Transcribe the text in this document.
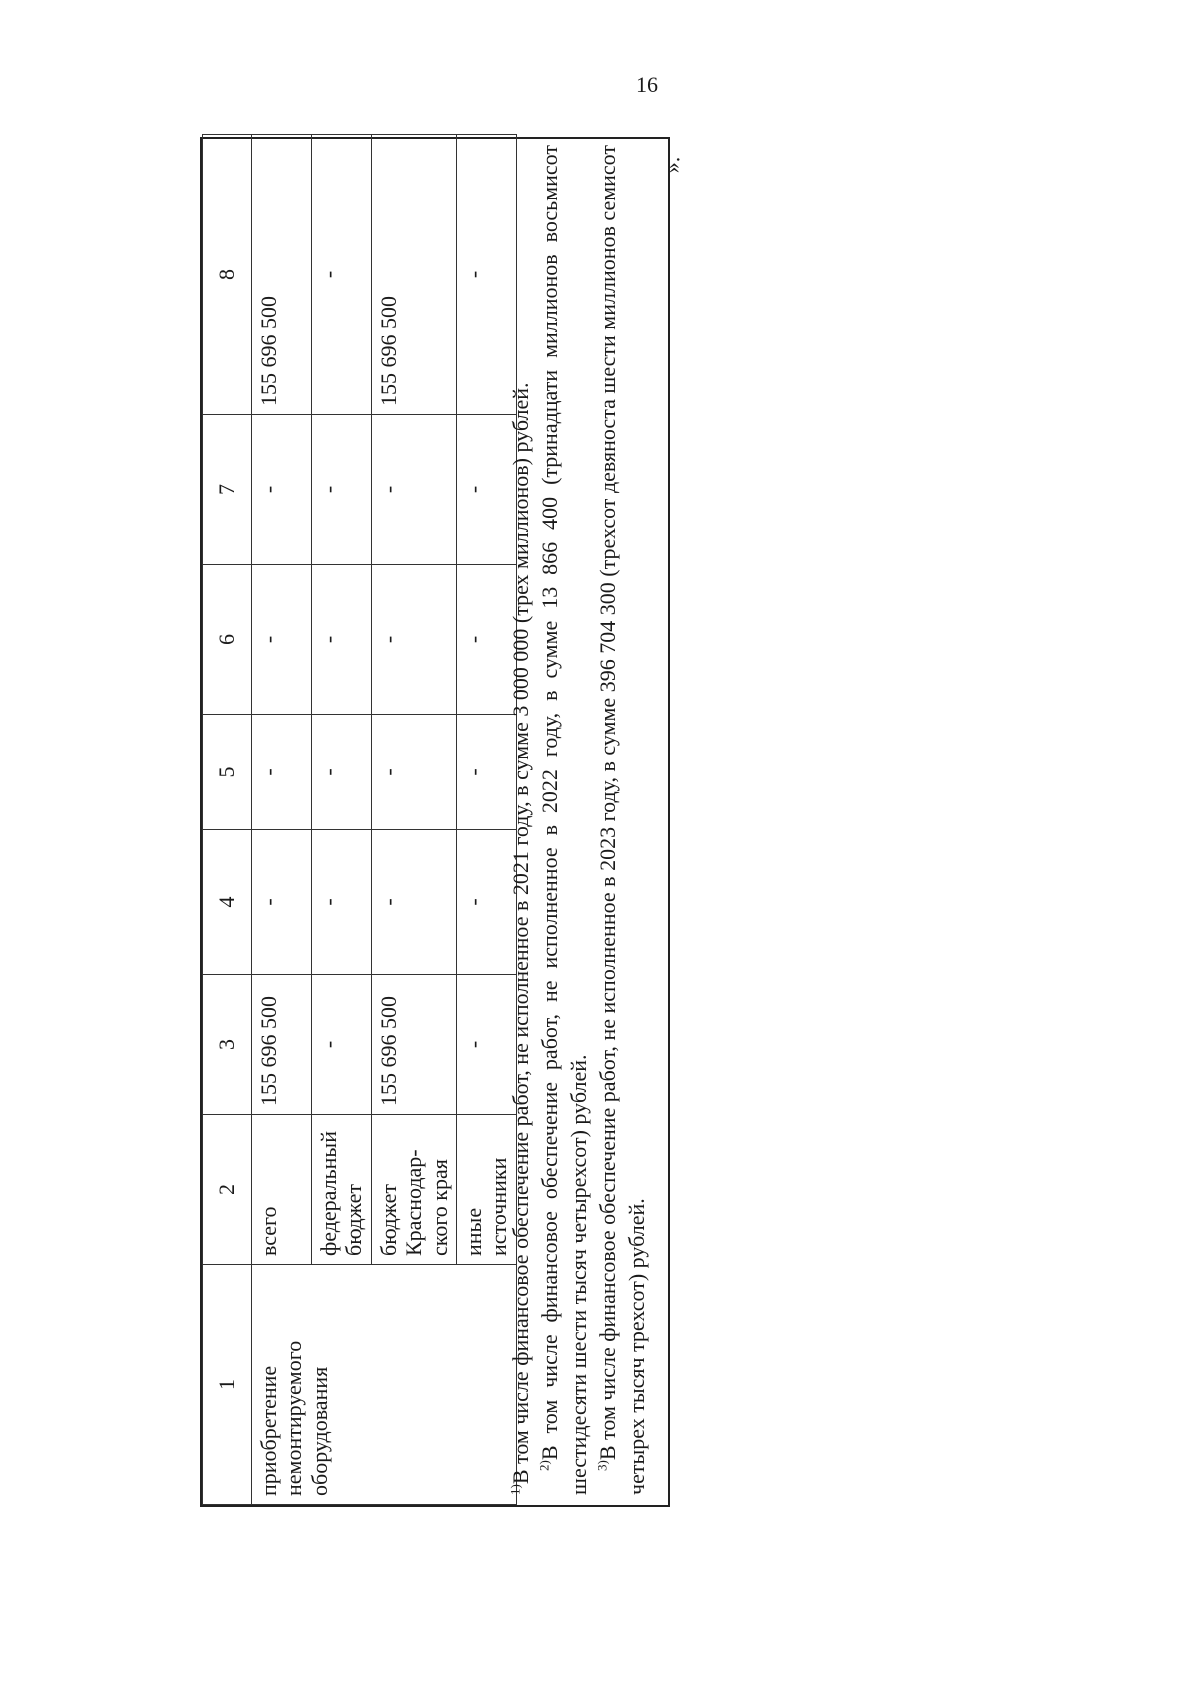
16
1	2	3	4	5	6	7	8
приобретение немонтируемого оборудования	всего	155 696 500	-	-	-	-	155 696 500
	федеральный бюджет	-	-	-	-	-	-
	бюджет Краснодар-ского края	155 696 500	-	-	-	-	155 696 500
	иные источники	-	-	-	-	-	-

$^{1)}$В том числе финансовое обеспечение работ, не исполненное в 2021 году, в сумме 3 000 000 (трех миллионов) рублей. $^{2)}$В том числе финансовое обеспечение работ, не исполненное в 2022 году, в сумме 13 866 400 (тринадцати миллионов восьмисот шестидесяти шести тысяч четырехсот) рублей. $^{3)}$В том числе финансовое обеспечение работ, не исполненное в 2023 году, в сумме 396 704 300 (трехсот девяноста шести миллионов семисот четырех тысяч трехсот) рублей.

».
